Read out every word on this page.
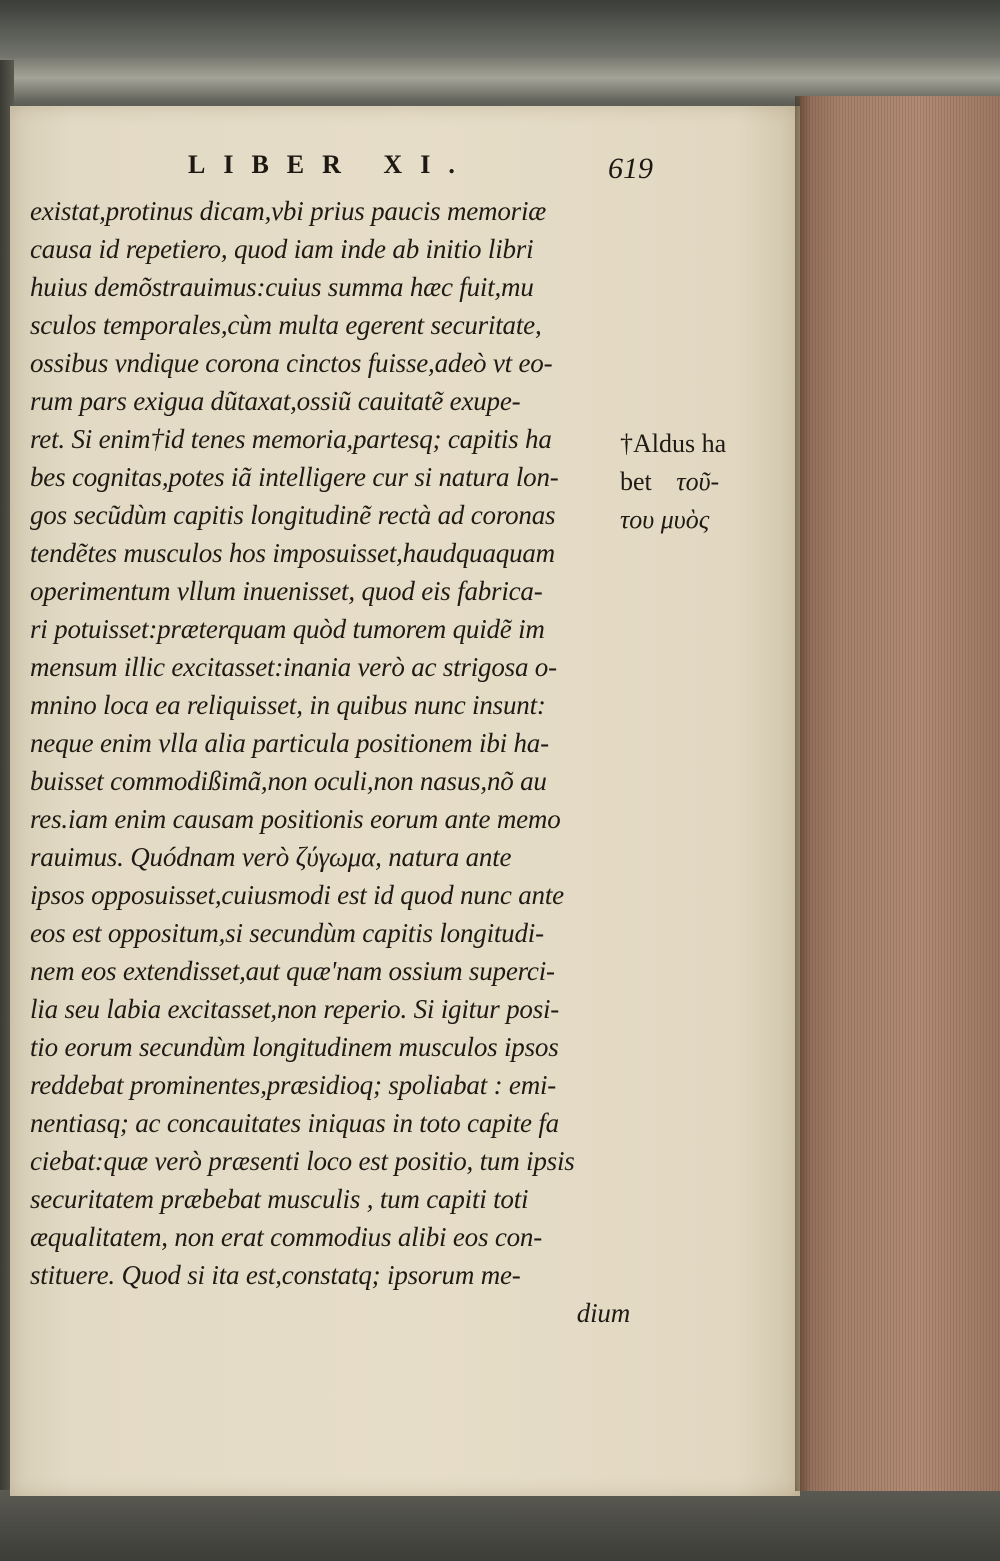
LIBER XI.	619
existat,protinus dicam,vbi prius paucis memoriæ
causa id repetiero, quod iam inde ab initio libri
huius demõstrauimus:cuius summa hæc fuit,mu
sculos temporales,cùm multa egerent securitate,
ossibus vndique corona cinctos fuisse,adeò vt eo-
rum pars exigua dũtaxat,ossiũ cauitatẽ exupe-
ret. Si enim†id tenes memoria,partesq; capitis ha
bes cognitas,potes iã intelligere cur si natura lon-
gos secũdùm capitis longitudinẽ rectà ad coronas
tendẽtes musculos hos imposuisset,haudquaquam
operimentum vllum inuenisset, quod eis fabrica-
ri potuisset:præterquam quòd tumorem quidẽ im
mensum illic excitasset:inania verò ac strigosa o-
mnino loca ea reliquisset, in quibus nunc insunt:
neque enim vlla alia particula positionem ibi ha-
buisset commodißimã,non oculi,non nasus,nõ au
res.iam enim causam positionis eorum ante memo
rauimus. Quódnam verò ζύγωμα, natura ante
ipsos opposuisset,cuiusmodi est id quod nunc ante
eos est oppositum,si secundùm capitis longitudi-
nem eos extendisset,aut quæ'nam ossium superci-
lia seu labia excitasset,non reperio. Si igitur posi-
tio eorum secundùm longitudinem musculos ipsos
reddebat prominentes,præsidioq; spoliabat : emi-
nentiasq; ac concauitates iniquas in toto capite fa
ciebat:quæ verò præsenti loco est positio, tum ipsis
securitatem præbebat musculis , tum capiti toti
æqualitatem, non erat commodius alibi eos con-
stituere. Quod si ita est,constatq; ipsorum me-
dium
†Aldus ha
bet τοῦ-
του μυὸς
